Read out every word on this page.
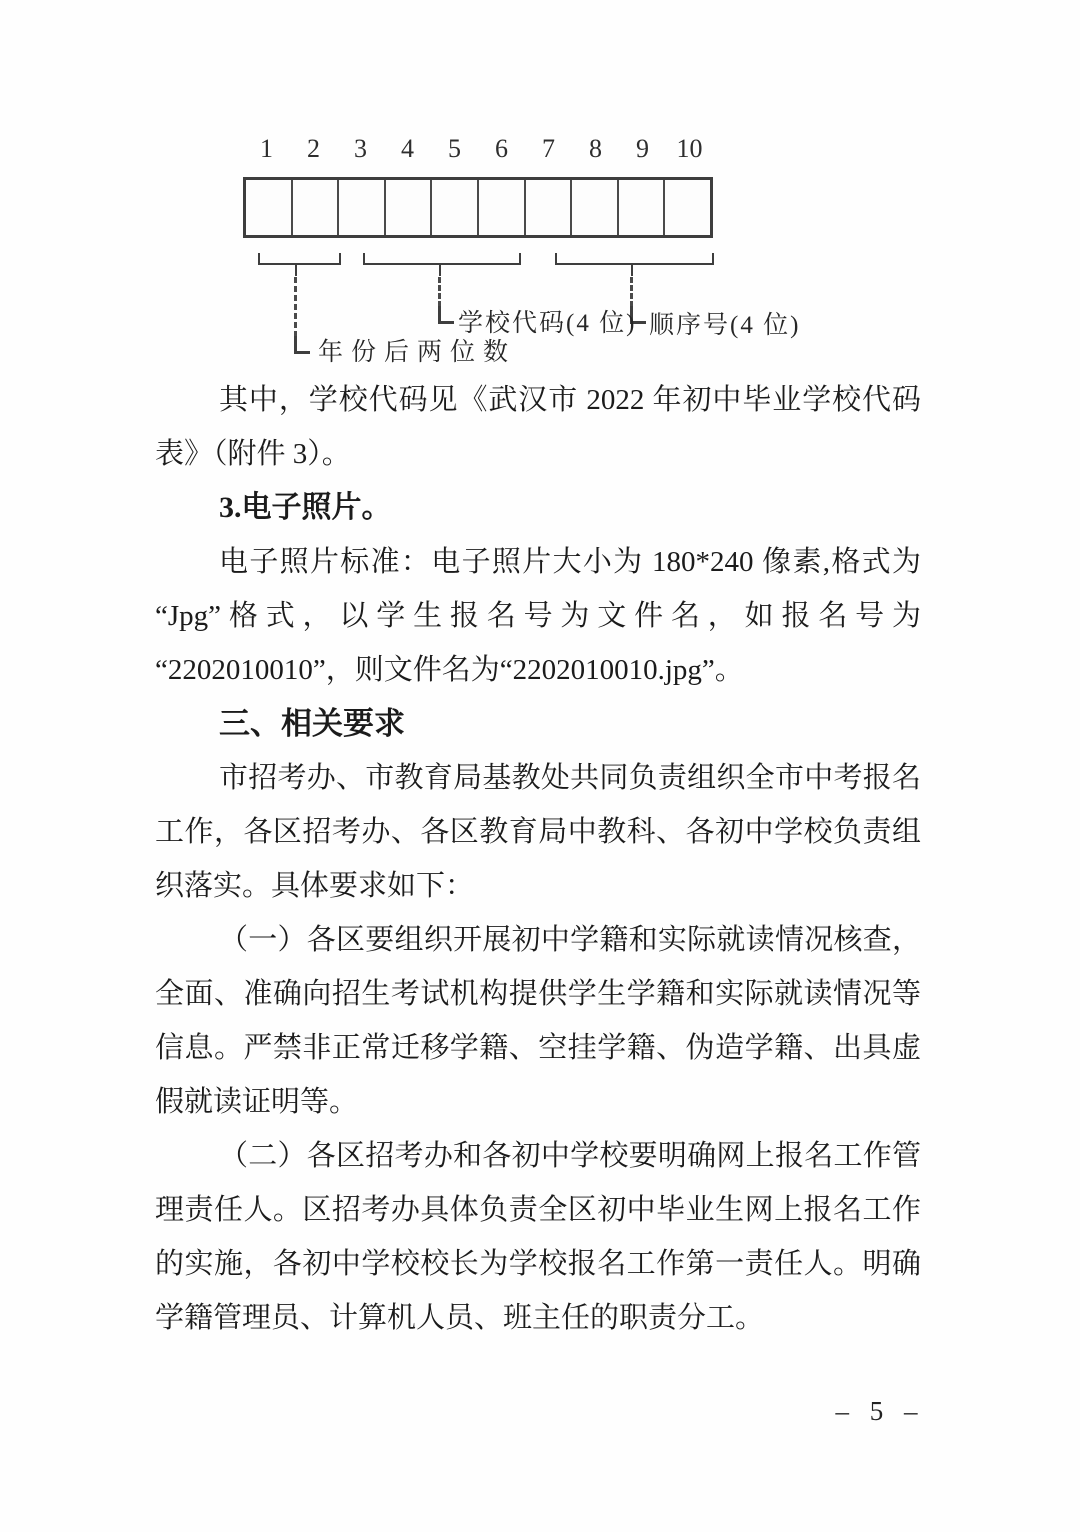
1	2	3	4	5	6	7	8	9	10
年份后两位数
学校代码(4 位) 顺序号(4 位)
其中，学校代码见《武汉市 2022 年初中毕业学校代码
表》（附件 3）。
3.电子照片。
电子照片标准：电子照片大小为 180*240 像素,格式为
“Jpg”格式，以学生报名号为文件名，如报名号为
“2202010010”，则文件名为“2202010010.jpg”。
三、相关要求
市招考办、市教育局基教处共同负责组织全市中考报名
工作，各区招考办、各区教育局中教科、各初中学校负责组
织落实。具体要求如下：
（一）各区要组织开展初中学籍和实际就读情况核查，
全面、准确向招生考试机构提供学生学籍和实际就读情况等
信息。严禁非正常迁移学籍、空挂学籍、伪造学籍、出具虚
假就读证明等。
（二）各区招考办和各初中学校要明确网上报名工作管
理责任人。区招考办具体负责全区初中毕业生网上报名工作
的实施，各初中学校校长为学校报名工作第一责任人。明确
学籍管理员、计算机人员、班主任的职责分工。
– 5 –
